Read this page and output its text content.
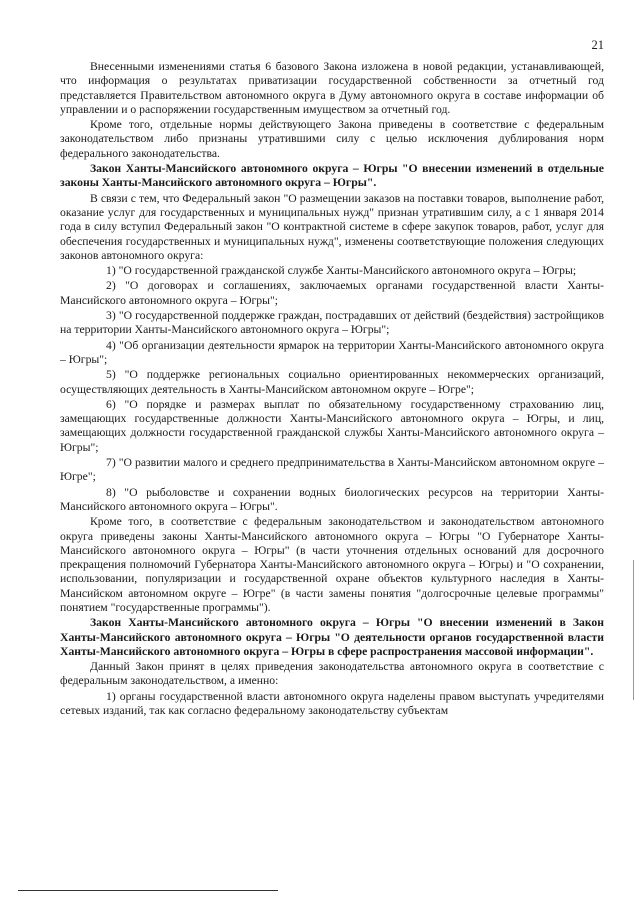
21

Внесенными изменениями статья 6 базового Закона изложена в новой редакции, устанавливающей, что информация о результатах приватизации государственной собственности за отчетный год представляется Правительством автономного округа в Думу автономного округа в составе информации об управлении и о распоряжении государственным имуществом за отчетный год.

Кроме того, отдельные нормы действующего Закона приведены в соответствие с федеральным законодательством либо признаны утратившими силу с целью исключения дублирования норм федерального законодательства.

Закон Ханты-Мансийского автономного округа – Югры "О внесении изменений в отдельные законы Ханты-Мансийского автономного округа – Югры".

В связи с тем, что Федеральный закон "О размещении заказов на поставки товаров, выполнение работ, оказание услуг для государственных и муниципальных нужд" признан утратившим силу, а с 1 января 2014 года в силу вступил Федеральный закон "О контрактной системе в сфере закупок товаров, работ, услуг для обеспечения государственных и муниципальных нужд", изменены соответствующие положения следующих законов автономного округа:

1) "О государственной гражданской службе Ханты-Мансийского автономного округа – Югры;

2) "О договорах и соглашениях, заключаемых органами государственной власти Ханты-Мансийского автономного округа – Югры";

3) "О государственной поддержке граждан, пострадавших от действий (бездействия) застройщиков на территории Ханты-Мансийского автономного округа – Югры";

4) "Об организации деятельности ярмарок на территории Ханты-Мансийского автономного округа – Югры";

5) "О поддержке региональных социально ориентированных некоммерческих организаций, осуществляющих деятельность в Ханты-Мансийском автономном округе – Югре";

6) "О порядке и размерах выплат по обязательному государственному страхованию лиц, замещающих государственные должности Ханты-Мансийского автономного округа – Югры, и лиц, замещающих должности государственной гражданской службы Ханты-Мансийского автономного округа – Югры";

7) "О развитии малого и среднего предпринимательства в Ханты-Мансийском автономном округе – Югре";

8) "О рыболовстве и сохранении водных биологических ресурсов на территории Ханты-Мансийского автономного округа – Югры".

Кроме того, в соответствие с федеральным законодательством и законодательством автономного округа приведены законы Ханты-Мансийского автономного округа – Югры "О Губернаторе Ханты-Мансийского автономного округа – Югры" (в части уточнения отдельных оснований для досрочного прекращения полномочий Губернатора Ханты-Мансийского автономного округа – Югры) и "О сохранении, использовании, популяризации и государственной охране объектов культурного наследия в Ханты-Мансийском автономном округе – Югре" (в части замены понятия "долгосрочные целевые программы" понятием "государственные программы").

Закон Ханты-Мансийского автономного округа – Югры "О внесении изменений в Закон Ханты-Мансийского автономного округа – Югры "О деятельности органов государственной власти Ханты-Мансийского автономного округа – Югры в сфере распространения массовой информации".

Данный Закон принят в целях приведения законодательства автономного округа в соответствие с федеральным законодательством, а именно:

1) органы государственной власти автономного округа наделены правом выступать учредителями сетевых изданий, так как согласно федеральному законодательству субъектам
